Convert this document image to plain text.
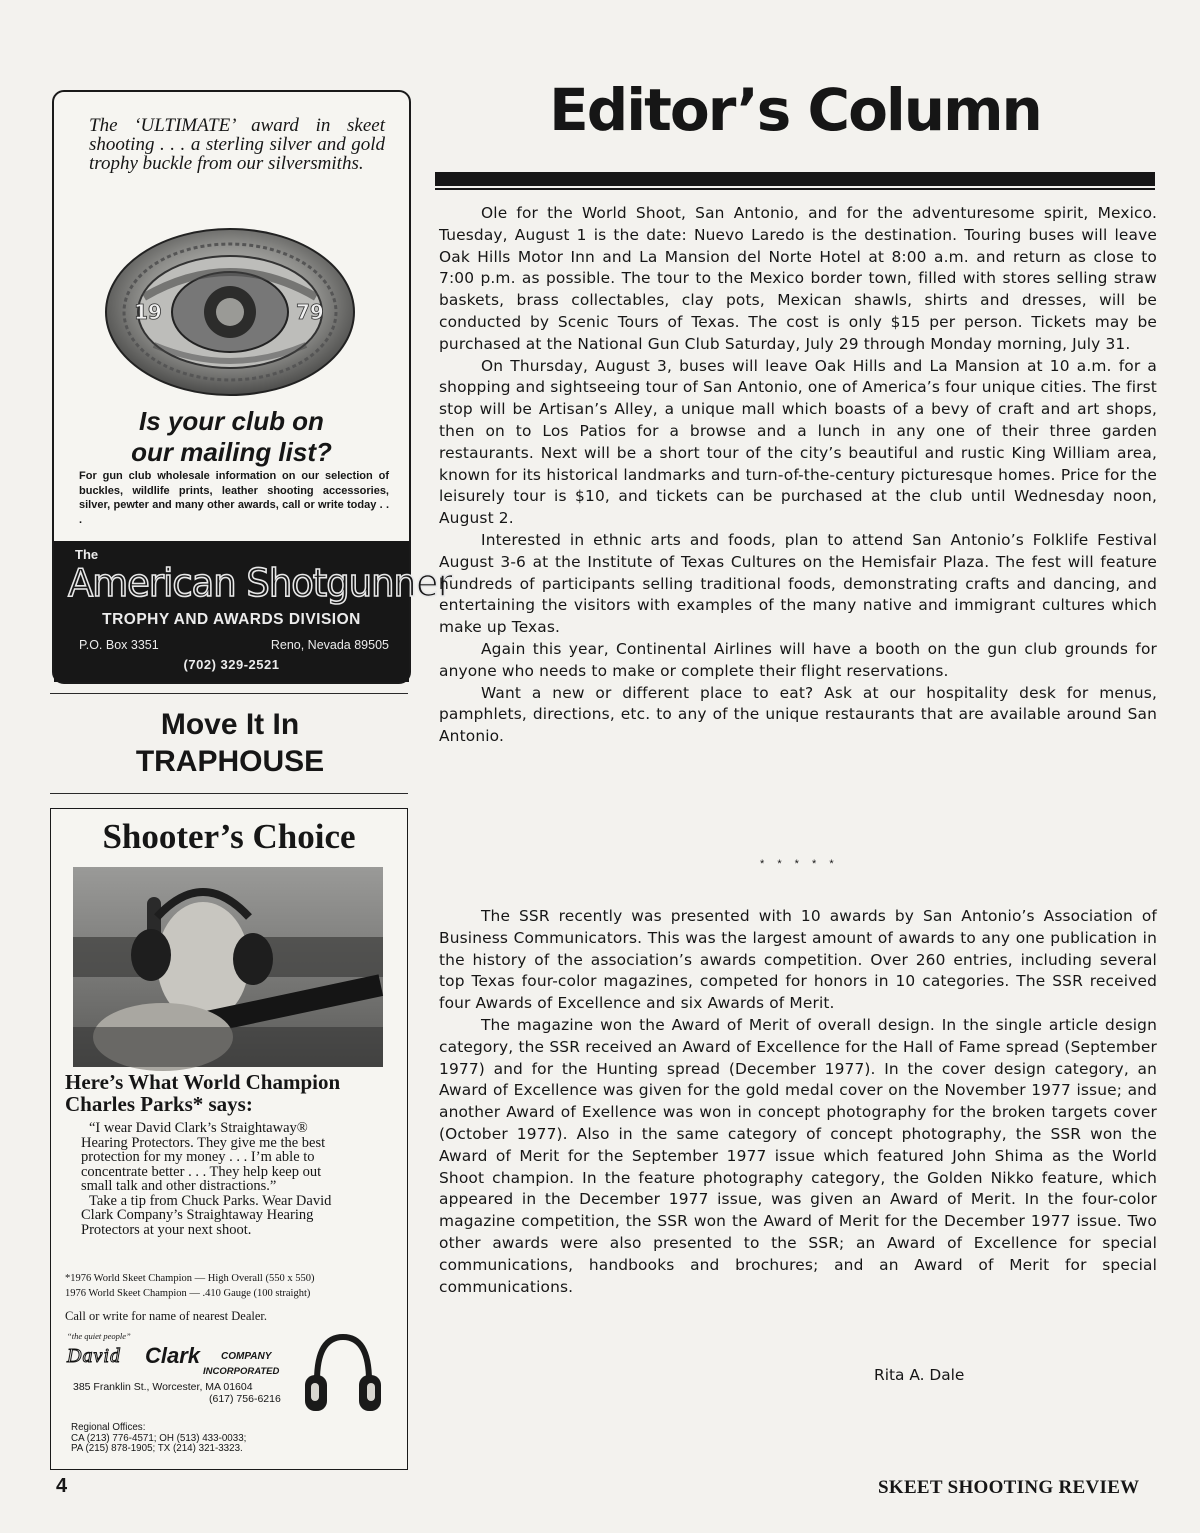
The ‘ULTIMATE’ award in skeet shooting . . . a sterling silver and gold trophy buckle from our silversmiths.
19	79
Is your club on
our mailing list?
For gun club wholesale information on our selection of buckles, wildlife prints, leather shooting accessories, silver, pewter and many other awards, call or write today . . .
The
American Shotgunner
TROPHY AND AWARDS DIVISION
P.O. Box 3351	Reno, Nevada 89505
(702) 329-2521
Move It In
TRAPHOUSE
Shooter’s Choice
Here’s What World Champion
Charles Parks* says:

“I wear David Clark’s Straightaway® Hearing Protectors. They give me the best protection for my money . . . I’m able to concentrate better . . . They help keep out small talk and other distractions.”

Take a tip from Chuck Parks. Wear David Clark Company’s Straightaway Hearing Protectors at your next shoot.

*1976 World Skeet Champion — High Overall (550 x 550)
1976 World Skeet Champion — .410 Gauge (100 straight)
Call or write for name of nearest Dealer.
“the quiet people”
David Clark COMPANY
INCORPORATED
385 Franklin St., Worcester, MA 01604
(617) 756-6216
Regional Offices:
CA (213) 776-4571; OH (513) 433-0033;
PA (215) 878-1905; TX (214) 321-3323.
Editor’s Column

Ole for the World Shoot, San Antonio, and for the adventuresome spirit, Mexico. Tuesday, August 1 is the date: Nuevo Laredo is the destination. Touring buses will leave Oak Hills Motor Inn and La Mansion del Norte Hotel at 8:00 a.m. and return as close to 7:00 p.m. as possible. The tour to the Mexico border town, filled with stores selling straw baskets, brass collectables, clay pots, Mexican shawls, shirts and dresses, will be conducted by Scenic Tours of Texas. The cost is only $15 per person. Tickets may be purchased at the National Gun Club Saturday, July 29 through Monday morning, July 31.

On Thursday, August 3, buses will leave Oak Hills and La Mansion at 10 a.m. for a shopping and sightseeing tour of San Antonio, one of America’s four unique cities. The first stop will be Artisan’s Alley, a unique mall which boasts of a bevy of craft and art shops, then on to Los Patios for a browse and a lunch in any one of their three garden restaurants. Next will be a short tour of the city’s beautiful and rustic King William area, known for its historical landmarks and turn-of-the-century picturesque homes. Price for the leisurely tour is $10, and tickets can be purchased at the club until Wednesday noon, August 2.

Interested in ethnic arts and foods, plan to attend San Antonio’s Folklife Festival August 3-6 at the Institute of Texas Cultures on the Hemisfair Plaza. The fest will feature hundreds of participants selling traditional foods, demonstrating crafts and dancing, and entertaining the visitors with examples of the many native and immigrant cultures which make up Texas.

Again this year, Continental Airlines will have a booth on the gun club grounds for anyone who needs to make or complete their flight reservations.

Want a new or different place to eat? Ask at our hospitality desk for menus, pamphlets, directions, etc. to any of the unique restaurants that are available around San Antonio.

* * * * *

The SSR recently was presented with 10 awards by San Antonio’s Association of Business Communicators. This was the largest amount of awards to any one publication in the history of the association’s awards competition. Over 260 entries, including several top Texas four-color magazines, competed for honors in 10 categories. The SSR received four Awards of Excellence and six Awards of Merit.

The magazine won the Award of Merit of overall design. In the single article design category, the SSR received an Award of Excellence for the Hall of Fame spread (September 1977) and for the Hunting spread (December 1977). In the cover design category, an Award of Excellence was given for the gold medal cover on the November 1977 issue; and another Award of Exellence was won in concept photography for the broken targets cover (October 1977). Also in the same category of concept photography, the SSR won the Award of Merit for the September 1977 issue which featured John Shima as the World Shoot champion. In the feature photography category, the Golden Nikko feature, which appeared in the December 1977 issue, was given an Award of Merit. In the four-color magazine competition, the SSR won the Award of Merit for the December 1977 issue. Two other awards were also presented to the SSR; an Award of Excellence for special communications, handbooks and brochures; and an Award of Merit for special communications.

Rita A. Dale
4	SKEET SHOOTING REVIEW
